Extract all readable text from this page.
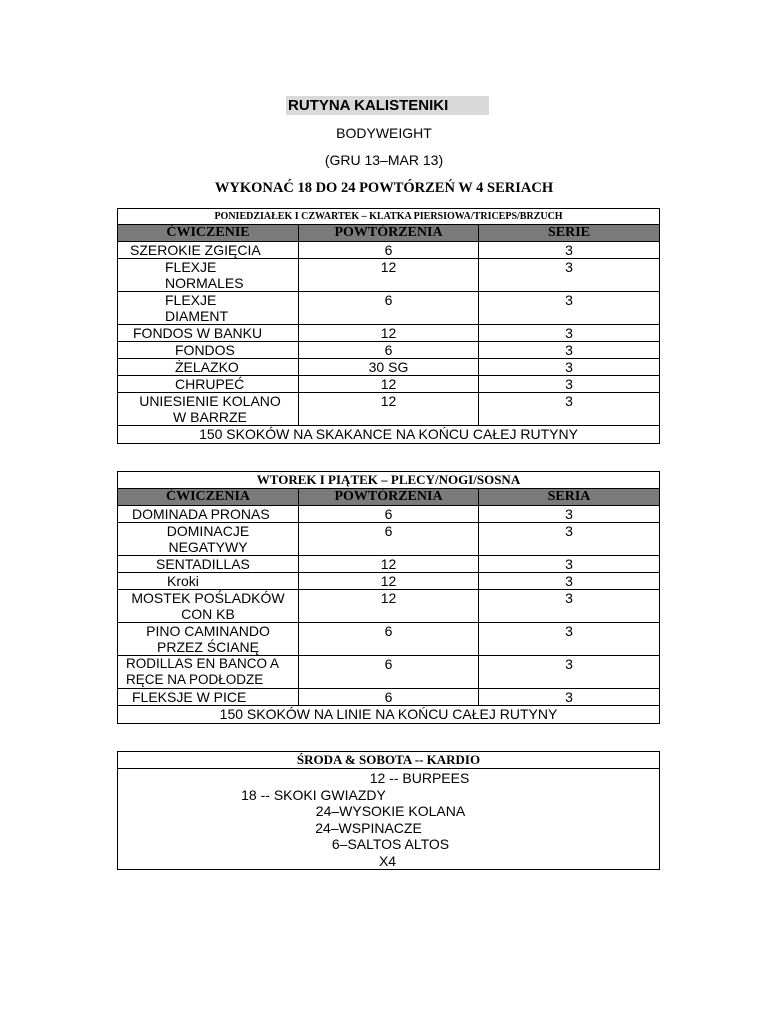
RUTYNA KALISTENIKI
BODYWEIGHT
(GRU 13–MAR 13)
WYKONAĆ 18 DO 24 POWTÓRZEŃ W 4 SERIACH
PONIEDZIAŁEK I CZWARTEK – KLATKA PIERSIOWA/TRICEPS/BRZUCH		
ĆWICZENIE	POWTÓRZENIA	SERIE
SZEROKIE ZGIĘCIA	6	3
FLEXJE NORMALES	12	3
FLEXJE DIAMENT	6	3
FONDOS W BANKU	12	3
FONDOS	6	3
ŻELAZKO	30 SG	3
CHRUPEĆ	12	3
UNIESIENIE KOLANO W BARRZE	12	3
150 SKOKÓW NA SKAKANCE NA KOŃCU CAŁEJ RUTYNY		
WTOREK I PIĄTEK – PLECY/NOGI/SOSNA		
ĆWICZENIA	POWTÓRZENIA	SERIA
DOMINADA PRONAS	6	3
DOMINACJE NEGATYWY	6	3
SENTADILLAS	12	3
Kroki	12	3
MOSTEK POŚLADKÓW CON KB	12	3
PINO CAMINANDO PRZEZ ŚCIANĘ	6	3
RODILLAS EN BANCO A RĘCE NA PODŁODZE	6	3
FLEKSJE W PICE	6	3
150 SKOKÓW NA LINIE NA KOŃCU CAŁEJ RUTYNY		
ŚRODA & SOBOTA -- KARDIO

12 -- BURPEES
18 -- SKOKI GWIAZDY
24–WYSOKIE KOLANA
24–WSPINACZE
6–SALTOS ALTOS
X4
